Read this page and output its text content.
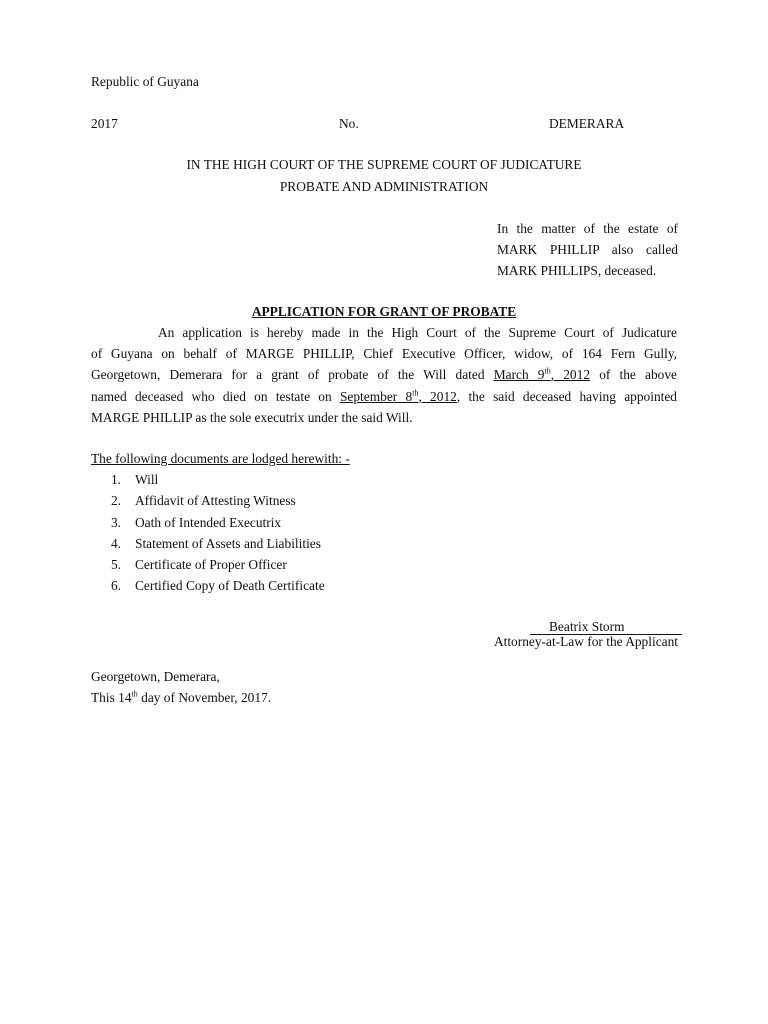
Republic of Guyana
2017	No.	DEMERARA
IN THE HIGH COURT OF THE SUPREME COURT OF JUDICATURE
PROBATE AND ADMINISTRATION
In the matter of the estate of
MARK PHILLIP also called
MARK PHILLIPS, deceased.
APPLICATION FOR GRANT OF PROBATE
An application is hereby made in the High Court of the Supreme Court of Judicature
of Guyana on behalf of MARGE PHILLIP, Chief Executive Officer, widow, of 164 Fern Gully,
Georgetown, Demerara for a grant of probate of the Will dated March 9th, 2012 of the above
named deceased who died on testate on September 8th, 2012, the said deceased having appointed
MARGE PHILLIP as the sole executrix under the said Will.
The following documents are lodged herewith: -
1.	Will
2.	Affidavit of Attesting Witness
3.	Oath of Intended Executrix
4.	Statement of Assets and Liabilities
5.	Certificate of Proper Officer
6.	Certified Copy of Death Certificate
Beatrix Storm
Attorney-at-Law for the Applicant
Georgetown, Demerara,
This 14th day of November, 2017.
